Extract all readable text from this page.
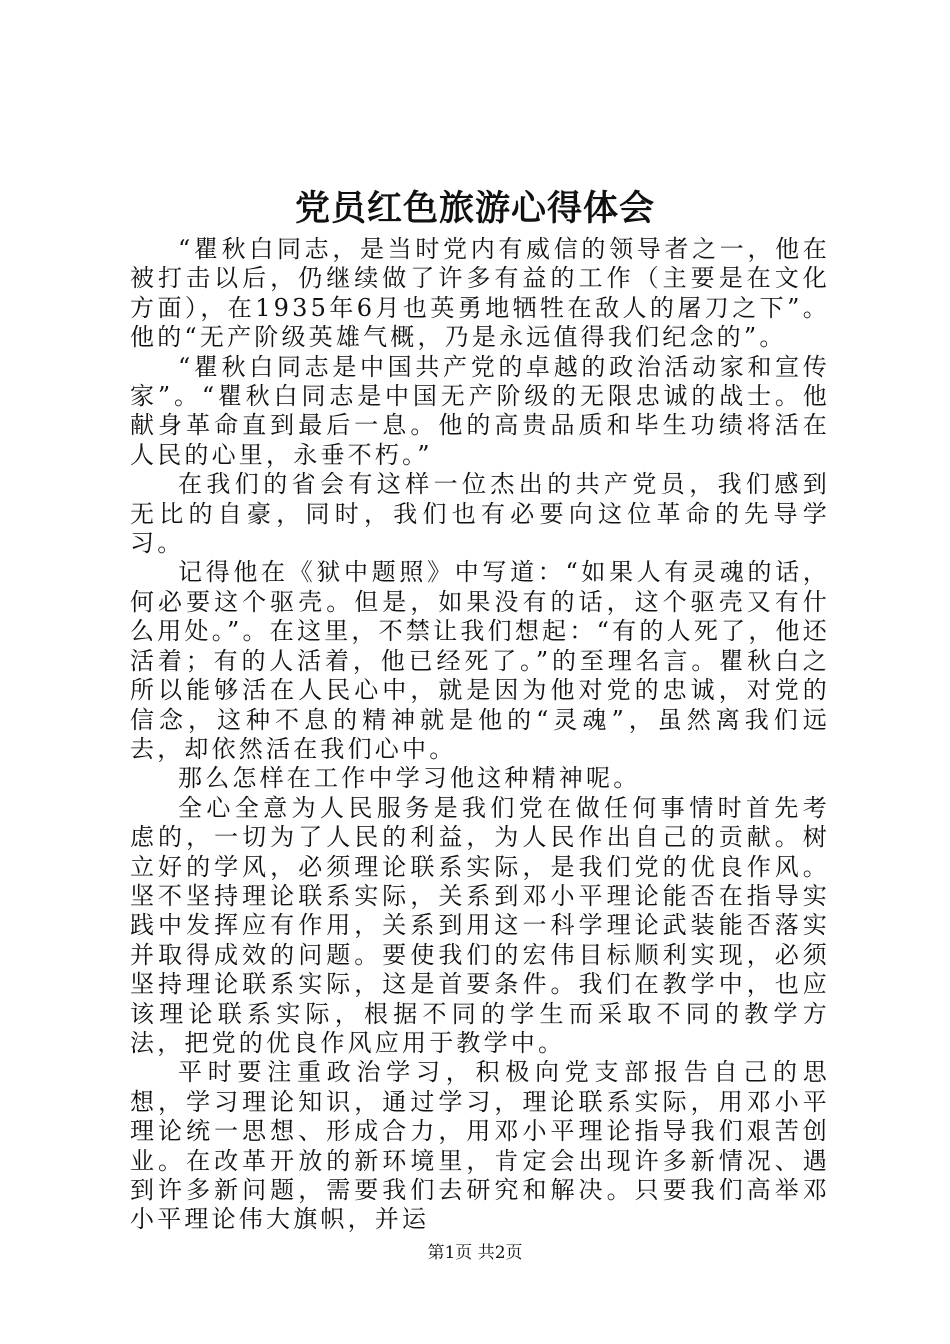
党员红色旅游心得体会

“瞿秋白同志，是当时党内有威信的领导者之一，他在被打击以后，仍继续做了许多有益的工作（主要是在文化方面），在1935年6月也英勇地牺牲在敌人的屠刀之下”。他的“无产阶级英雄气概，乃是永远值得我们纪念的”。

“瞿秋白同志是中国共产党的卓越的政治活动家和宣传家”。“瞿秋白同志是中国无产阶级的无限忠诚的战士。他献身革命直到最后一息。他的高贵品质和毕生功绩将活在人民的心里，永垂不朽。”

在我们的省会有这样一位杰出的共产党员，我们感到无比的自豪，同时，我们也有必要向这位革命的先导学习。

记得他在《狱中题照》中写道：“如果人有灵魂的话，何必要这个驱壳。但是，如果没有的话，这个驱壳又有什么用处。”。在这里，不禁让我们想起：“有的人死了，他还活着；有的人活着，他已经死了。”的至理名言。瞿秋白之所以能够活在人民心中，就是因为他对党的忠诚，对党的信念，这种不息的精神就是他的“灵魂”，虽然离我们远去，却依然活在我们心中。

那么怎样在工作中学习他这种精神呢。

全心全意为人民服务是我们党在做任何事情时首先考虑的，一切为了人民的利益，为人民作出自己的贡献。树立好的学风，必须理论联系实际，是我们党的优良作风。坚不坚持理论联系实际，关系到邓小平理论能否在指导实践中发挥应有作用，关系到用这一科学理论武装能否落实并取得成效的问题。要使我们的宏伟目标顺利实现，必须坚持理论联系实际，这是首要条件。我们在教学中，也应该理论联系实际，根据不同的学生而采取不同的教学方法，把党的优良作风应用于教学中。

平时要注重政治学习，积极向党支部报告自己的思想，学习理论知识，通过学习，理论联系实际，用邓小平理论统一思想、形成合力，用邓小平理论指导我们艰苦创业。在改革开放的新环境里，肯定会出现许多新情况、遇到许多新问题，需要我们去研究和解决。只要我们高举邓小平理论伟大旗帜，并运

第1页 共2页
